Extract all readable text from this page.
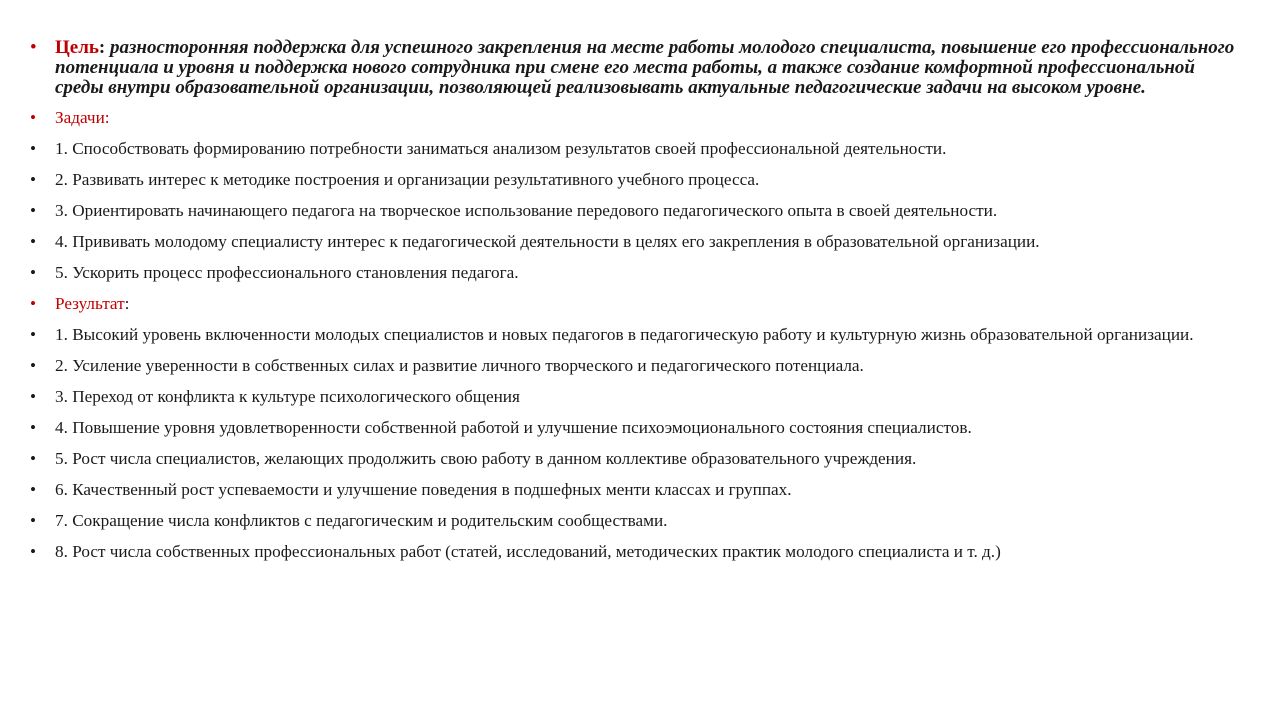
• Цель: разносторонняя поддержка для успешного закрепления на месте работы молодого специалиста, повышение его профессионального потенциала и уровня и поддержка нового сотрудника при смене его места работы, а также создание комфортной профессиональной среды внутри образовательной организации, позволяющей реализовывать актуальные педагогические задачи на высоком уровне.
•	Задачи:
•	1. Способствовать формированию потребности заниматься анализом результатов своей профессиональной деятельности.
•	2. Развивать интерес к методике построения и организации результативного учебного процесса.
•	3. Ориентировать начинающего педагога на творческое использование передового педагогического опыта в своей деятельности.
•	4. Прививать молодому специалисту интерес к педагогической деятельности в целях его закрепления в образовательной организации.
•	5. Ускорить процесс профессионального становления педагога.
•	Результат:
•	1. Высокий уровень включенности молодых специалистов и новых педагогов в педагогическую работу и культурную жизнь образовательной организации.
•	2. Усиление уверенности в собственных силах и развитие личного творческого и педагогического потенциала.
•	3. Переход от конфликта к культуре психологического общения
•	4. Повышение уровня удовлетворенности собственной работой и улучшение психоэмоционального состояния специалистов.
•	5. Рост числа специалистов, желающих продолжить свою работу в данном коллективе образовательного учреждения.
•	6. Качественный рост успеваемости и улучшение поведения в подшефных менти классах и группах.
•	7. Сокращение числа конфликтов с педагогическим и родительским сообществами.
•	8. Рост числа собственных профессиональных работ (статей, исследований, методических практик молодого специалиста и т. д.)
